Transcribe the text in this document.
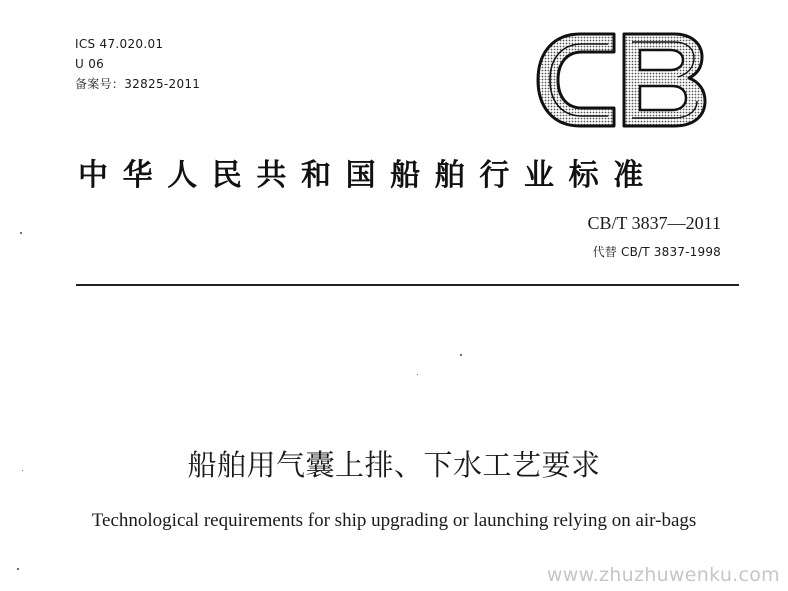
ICS 47.020.01
U 06
备案号：32825-2011
中华人民共和国船舶行业标准
CB/T 3837—2011
代替 CB/T 3837-1998
船舶用气囊上排、下水工艺要求
Technological requirements for ship upgrading or launching relying on air-bags
www.zhuzhuwenku.com
